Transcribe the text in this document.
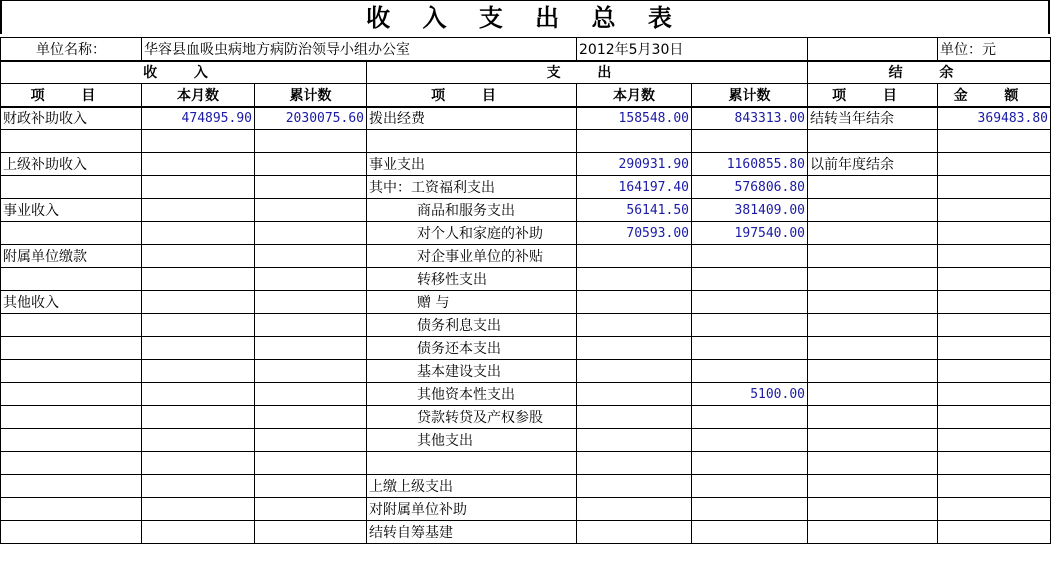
收 入 支 出 总 表
单位名称：	华容县血吸虫病地方病防治领导小组办公室			2012年5月30日			单位：元
收 入			支 出			结 余	
项 目	本月数	累计数	项 目	本月数	累计数	项 目	金 额
财政补助收入	474895.90	2030075.60	拨出经费	158548.00	843313.00	结转当年结余	369483.80

上级补助收入			事业支出	290931.90	1160855.80	以前年度结余	
			其中：工资福利支出	164197.40	576806.80		
事业收入			商品和服务支出	56141.50	381409.00		
			对个人和家庭的补助	70593.00	197540.00		
附属单位缴款			对企事业单位的补贴				
			转移性支出				
其他收入			赠 与				
			债务利息支出				
			债务还本支出				
			基本建设支出				
			其他资本性支出		5100.00		
			贷款转贷及产权参股				
			其他支出				

			上缴上级支出				
			对附属单位补助				
			结转自筹基建				
